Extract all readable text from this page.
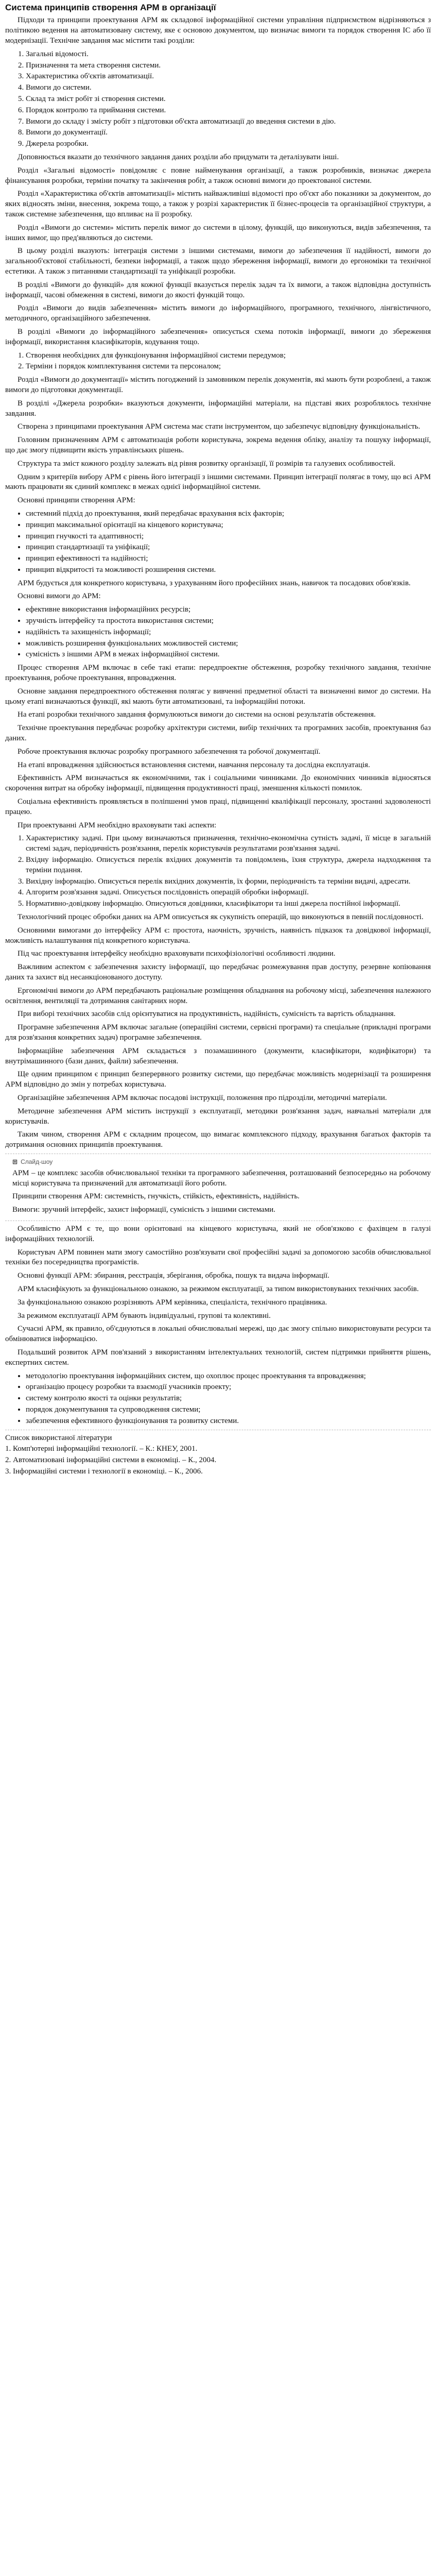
Система принципів створення АРМ в організації

Підходи та принципи проектування АРМ як складової інформаційної системи управління підприємством відрізняються з політикою ведення на автоматизовану систему, яке є основою документом, що визначає вимоги та порядок створення ІС або її модернізації. Технічне завдання має містити такі розділи:

1. Загальні відомості.
2. Призначення та мета створення системи.
3. Характеристика об'єктів автоматизації.
4. Вимоги до системи.
5. Склад та зміст робіт зі створення системи.
6. Порядок контролю та приймання системи.
7. Вимоги до складу і змісту робіт з підготовки об'єкта автоматизації до введення системи в дію.
8. Вимоги до документації.
9. Джерела розробки.

Доповнюється вказати до технічного завдання даних розділи або придумати та деталізувати інші.

Розділ «Загальні відомості» повідомляє с повне найменування організації, а також розробників, визначає джерела фінансування розробки, терміни початку та закінчення робіт, а також основні вимоги до проектованої системи.

Розділ «Характеристика об'єктів автоматизації» містить найважливіші відомості про об'єкт або показники за документом, до яких відносять зміни, внесення, зокрема тощо, а також у розрізі характеристик її бізнес-процесів та організаційної структури, а також системне забезпечення, що впливає на її розробку.

Розділ «Вимоги до системи» містить перелік вимог до системи в цілому, функцій, що виконуються, видів забезпечення, та інших вимог, що пред'являються до системи.

В цьому розділі вказують: інтеграція системи з іншими системами, вимоги до забезпечення її надійності, вимоги до загальнооб'єктової стабільності, безпеки інформації, а також щодо збереження інформації, вимоги до ергономіки та технічної естетики. А також з питаннями стандартизації та уніфікації розробки.

В розділі «Вимоги до функцій» для кожної функції вказується перелік задач та їх вимоги, а також відповідна доступність інформації, часові обмеження в системі, вимоги до якості функцій тощо.

Розділ «Вимоги до видів забезпечення» містить вимоги до інформаційного, програмного, технічного, лінгвістичного, методичного, організаційного забезпечення.

В розділі «Вимоги до інформаційного забезпечення» описується схема потоків інформації, вимоги до збереження інформації, використання класифікаторів, кодування тощо.

1. Створення необхідних для функціонування інформаційної системи передумов;
2. Терміни і порядок комплектування системи та персоналом;

Розділ «Вимоги до документації» містить погоджений із замовником перелік документів, які мають бути розроблені, а також вимоги до підготовки документації.

В розділі «Джерела розробки» вказуються документи, інформаційні матеріали, на підставі яких розроблялось технічне завдання.

Створена з принципами проектування АРМ система має стати інструментом, що забезпечує відповідну функціональність.

Головним призначенням АРМ є автоматизація роботи користувача, зокрема ведення обліку, аналізу та пошуку інформації, що дає змогу підвищити якість управлінських рішень.

Структура та зміст кожного розділу залежать від рівня розвитку організації, її розмірів та галузевих особливостей.

Одним з критеріїв вибору АРМ є рівень його інтеграції з іншими системами. Принцип інтеграції полягає в тому, що всі АРМ мають працювати як єдиний комплекс в межах однієї інформаційної системи.

Основні принципи створення АРМ:

• системний підхід до проектування, який передбачає врахування всіх факторів;
• принцип максимальної орієнтації на кінцевого користувача;
• принцип гнучкості та адаптивності;
• принцип стандартизації та уніфікації;
• принцип ефективності та надійності;
• принцип відкритості та можливості розширення системи.

АРМ будується для конкретного користувача, з урахуванням його професійних знань, навичок та посадових обов'язків.

Основні вимоги до АРМ:

• ефективне використання інформаційних ресурсів;
• зручність інтерфейсу та простота використання системи;
• надійність та захищеність інформації;
• можливість розширення функціональних можливостей системи;
• сумісність з іншими АРМ в межах інформаційної системи.

Процес створення АРМ включає в себе такі етапи: передпроектне обстеження, розробку технічного завдання, технічне проектування, робоче проектування, впровадження.

Основне завдання передпроектного обстеження полягає у вивченні предметної області та визначенні вимог до системи. На цьому етапі визначаються функції, які мають бути автоматизовані, та інформаційні потоки.

На етапі розробки технічного завдання формулюються вимоги до системи на основі результатів обстеження.

Технічне проектування передбачає розробку архітектури системи, вибір технічних та програмних засобів, проектування баз даних.

Робоче проектування включає розробку програмного забезпечення та робочої документації.

На етапі впровадження здійснюється встановлення системи, навчання персоналу та дослідна експлуатація.

Ефективність АРМ визначається як економічними, так і соціальними чинниками. До економічних чинників відносяться скорочення витрат на обробку інформації, підвищення продуктивності праці, зменшення кількості помилок.

Соціальна ефективність проявляється в поліпшенні умов праці, підвищенні кваліфікації персоналу, зростанні задоволеності працею.

При проектуванні АРМ необхідно враховувати такі аспекти:

1. Характеристику задачі. При цьому визначаються призначення, технічно-економічна сутність задачі, її місце в загальній системі задач, періодичність розв'язання, перелік користувачів результатами розв'язання задачі.
2. Вхідну інформацію. Описується перелік вхідних документів та повідомлень, їхня структура, джерела надходження та терміни подання.
3. Вихідну інформацію. Описується перелік вихідних документів, їх форми, періодичність та терміни видачі, адресати.
4. Алгоритм розв'язання задачі. Описується послідовність операцій обробки інформації.
5. Нормативно-довідкову інформацію. Описуються довідники, класифікатори та інші джерела постійної інформації.

Технологічний процес обробки даних на АРМ описується як сукупність операцій, що виконуються в певній послідовності.

Основними вимогами до інтерфейсу АРМ є: простота, наочність, зручність, наявність підказок та довідкової інформації, можливість налаштування під конкретного користувача.

Під час проектування інтерфейсу необхідно враховувати психофізіологічні особливості людини.

Важливим аспектом є забезпечення захисту інформації, що передбачає розмежування прав доступу, резервне копіювання даних та захист від несанкціонованого доступу.

Ергономічні вимоги до АРМ передбачають раціональне розміщення обладнання на робочому місці, забезпечення належного освітлення, вентиляції та дотримання санітарних норм.

При виборі технічних засобів слід орієнтуватися на продуктивність, надійність, сумісність та вартість обладнання.

Програмне забезпечення АРМ включає загальне (операційні системи, сервісні програми) та спеціальне (прикладні програми для розв'язання конкретних задач) програмне забезпечення.

Інформаційне забезпечення АРМ складається з позамашинного (документи, класифікатори, кодифікатори) та внутрімашинного (бази даних, файли) забезпечення.

Ще одним принципом є принцип безперервного розвитку системи, що передбачає можливість модернізації та розширення АРМ відповідно до змін у потребах користувача.

Організаційне забезпечення АРМ включає посадові інструкції, положення про підрозділи, методичні матеріали.

Методичне забезпечення АРМ містить інструкції з експлуатації, методики розв'язання задач, навчальні матеріали для користувачів.

Таким чином, створення АРМ є складним процесом, що вимагає комплексного підходу, врахування багатьох факторів та дотримання основних принципів проектування.

⊞ Слайд-шоу

АРМ – це комплекс засобів обчислювальної техніки та програмного забезпечення, розташований безпосередньо на робочому місці користувача та призначений для автоматизації його роботи.

Принципи створення АРМ: системність, гнучкість, стійкість, ефективність, надійність.

Вимоги: зручний інтерфейс, захист інформації, сумісність з іншими системами.

Особливістю АРМ є те, що вони орієнтовані на кінцевого користувача, який не обов'язково є фахівцем в галузі інформаційних технологій.

Користувач АРМ повинен мати змогу самостійно розв'язувати свої професійні задачі за допомогою засобів обчислювальної техніки без посередництва програмістів.

Основні функції АРМ: збирання, реєстрація, зберігання, обробка, пошук та видача інформації.

АРМ класифікують за функціональною ознакою, за режимом експлуатації, за типом використовуваних технічних засобів.

За функціональною ознакою розрізняють АРМ керівника, спеціаліста, технічного працівника.

За режимом експлуатації АРМ бувають індивідуальні, групові та колективні.

Сучасні АРМ, як правило, об'єднуються в локальні обчислювальні мережі, що дає змогу спільно використовувати ресурси та обмінюватися інформацією.

Подальший розвиток АРМ пов'язаний з використанням інтелектуальних технологій, систем підтримки прийняття рішень, експертних систем.

• методологію проектування інформаційних систем, що охоплює процес проектування та впровадження;
• організацію процесу розробки та взаємодії учасників проекту;
• систему контролю якості та оцінки результатів;
• порядок документування та супроводження системи;
• забезпечення ефективного функціонування та розвитку системи.

Список використаної літератури

1. Комп'ютерні інформаційні технології. – К.: КНЕУ, 2001.

2. Автоматизовані інформаційні системи в економіці. – К., 2004.

3. Інформаційні системи і технології в економіці. – К., 2006.
